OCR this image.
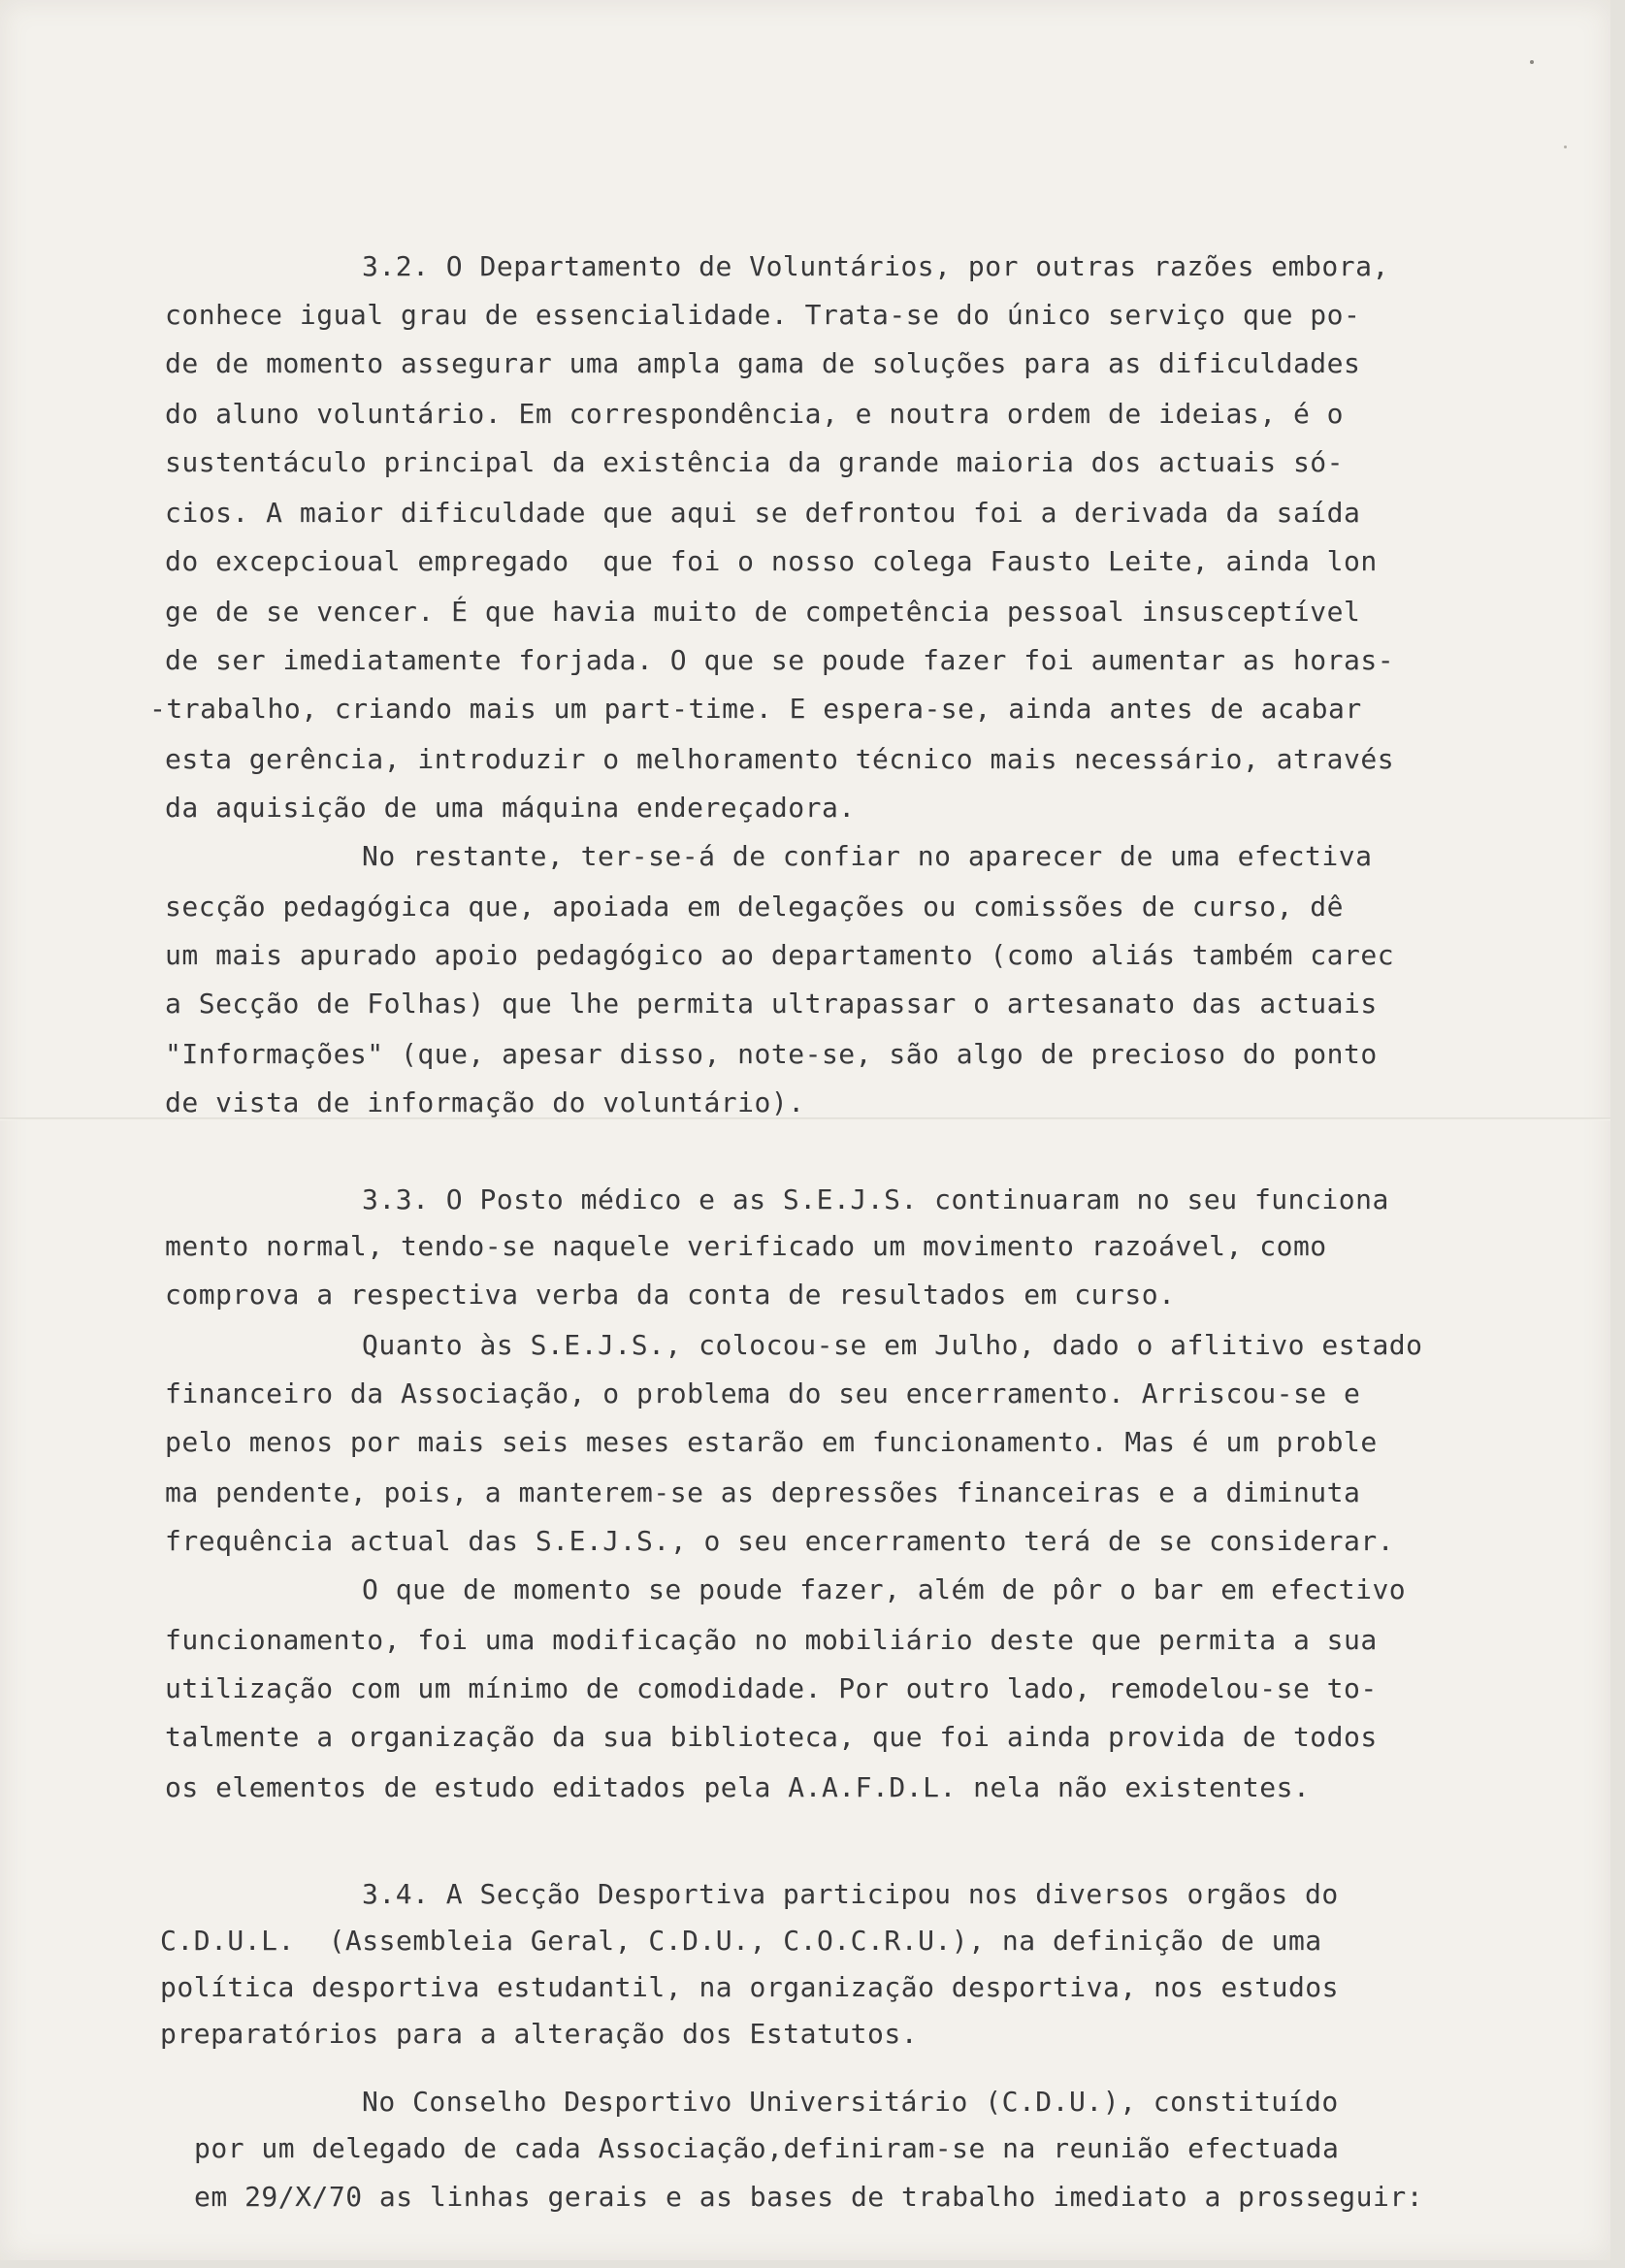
3.2. O Departamento de Voluntários, por outras razões embora,
conhece igual grau de essencialidade. Trata-se do único serviço que po-
de de momento assegurar uma ampla gama de soluções para as dificuldades
do aluno voluntário. Em correspondência, e noutra ordem de ideias, é o
sustentáculo principal da existência da grande maioria dos actuais só-
cios. A maior dificuldade que aqui se defrontou foi a derivada da saída
do excepcioual empregado  que foi o nosso colega Fausto Leite, ainda lon
ge de se vencer. É que havia muito de competência pessoal insusceptível
de ser imediatamente forjada. O que se poude fazer foi aumentar as horas-
-trabalho, criando mais um part-time. E espera-se, ainda antes de acabar
esta gerência, introduzir o melhoramento técnico mais necessário, através
da aquisição de uma máquina endereçadora.
No restante, ter-se-á de confiar no aparecer de uma efectiva
secção pedagógica que, apoiada em delegações ou comissões de curso, dê
um mais apurado apoio pedagógico ao departamento (como aliás também carec
a Secção de Folhas) que lhe permita ultrapassar o artesanato das actuais
"Informações" (que, apesar disso, note-se, são algo de precioso do ponto
de vista de informação do voluntário).
3.3. O Posto médico e as S.E.J.S. continuaram no seu funciona
mento normal, tendo-se naquele verificado um movimento razoável, como
comprova a respectiva verba da conta de resultados em curso.
Quanto às S.E.J.S., colocou-se em Julho, dado o aflitivo estado
financeiro da Associação, o problema do seu encerramento. Arriscou-se e
pelo menos por mais seis meses estarão em funcionamento. Mas é um proble
ma pendente, pois, a manterem-se as depressões financeiras e a diminuta
frequência actual das S.E.J.S., o seu encerramento terá de se considerar.
O que de momento se poude fazer, além de pôr o bar em efectivo
funcionamento, foi uma modificação no mobiliário deste que permita a sua
utilização com um mínimo de comodidade. Por outro lado, remodelou-se to-
talmente a organização da sua biblioteca, que foi ainda provida de todos
os elementos de estudo editados pela A.A.F.D.L. nela não existentes.
3.4. A Secção Desportiva participou nos diversos orgãos do
C.D.U.L.  (Assembleia Geral, C.D.U., C.O.C.R.U.), na definição de uma
política desportiva estudantil, na organização desportiva, nos estudos
preparatórios para a alteração dos Estatutos.
No Conselho Desportivo Universitário (C.D.U.), constituído
por um delegado de cada Associação,definiram-se na reunião efectuada
em 29/X/70 as linhas gerais e as bases de trabalho imediato a prosseguir:
